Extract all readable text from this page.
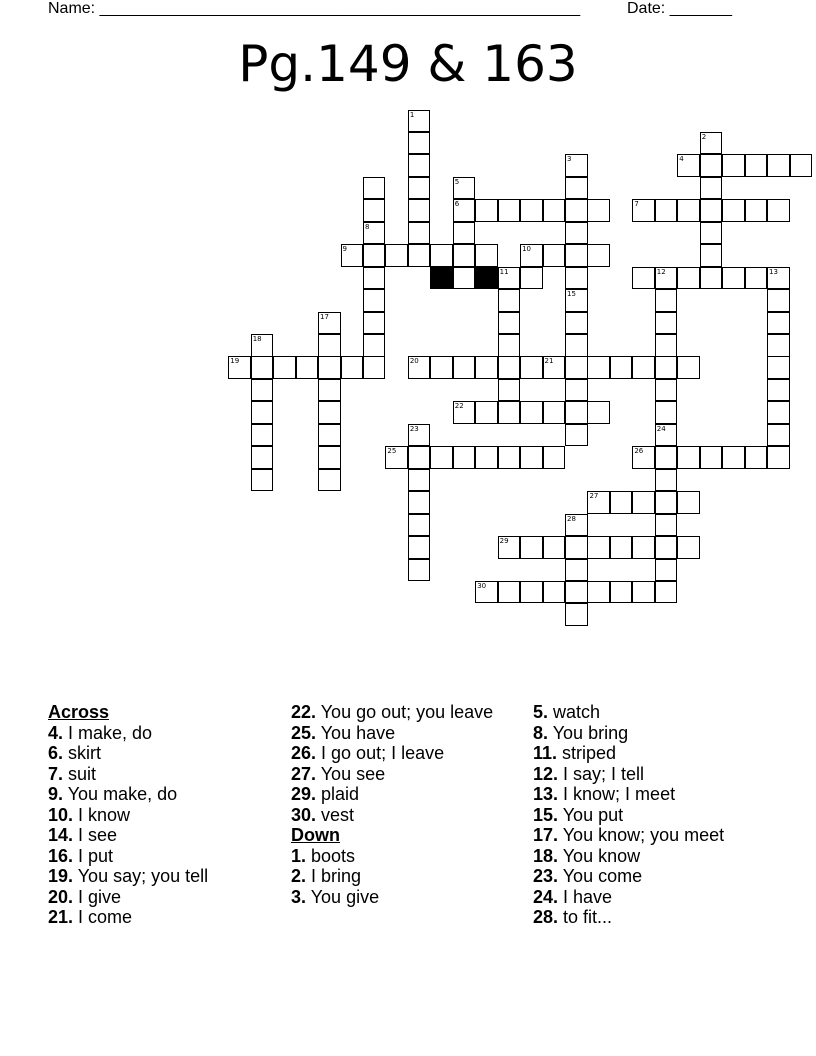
Name: ______________________________________________________	Date: _______
Pg.149 & 163
1
2
3
15
4
5
6	7
8
9	10
11	12	13
24
17
18
19	20	21
22
23
25	26
27
29
28
30
Across
4. I make, do
6. skirt
7. suit
9. You make, do
10. I know
14. I see
16. I put
19. You say; you tell
20. I give
21. I come
22. You go out; you leave
25. You have
26. I go out; I leave
27. You see
29. plaid
30. vest
Down
1. boots
2. I bring
3. You give
5. watch
8. You bring
11. striped
12. I say; I tell
13. I know; I meet
15. You put
17. You know; you meet
18. You know
23. You come
24. I have
28. to fit...
